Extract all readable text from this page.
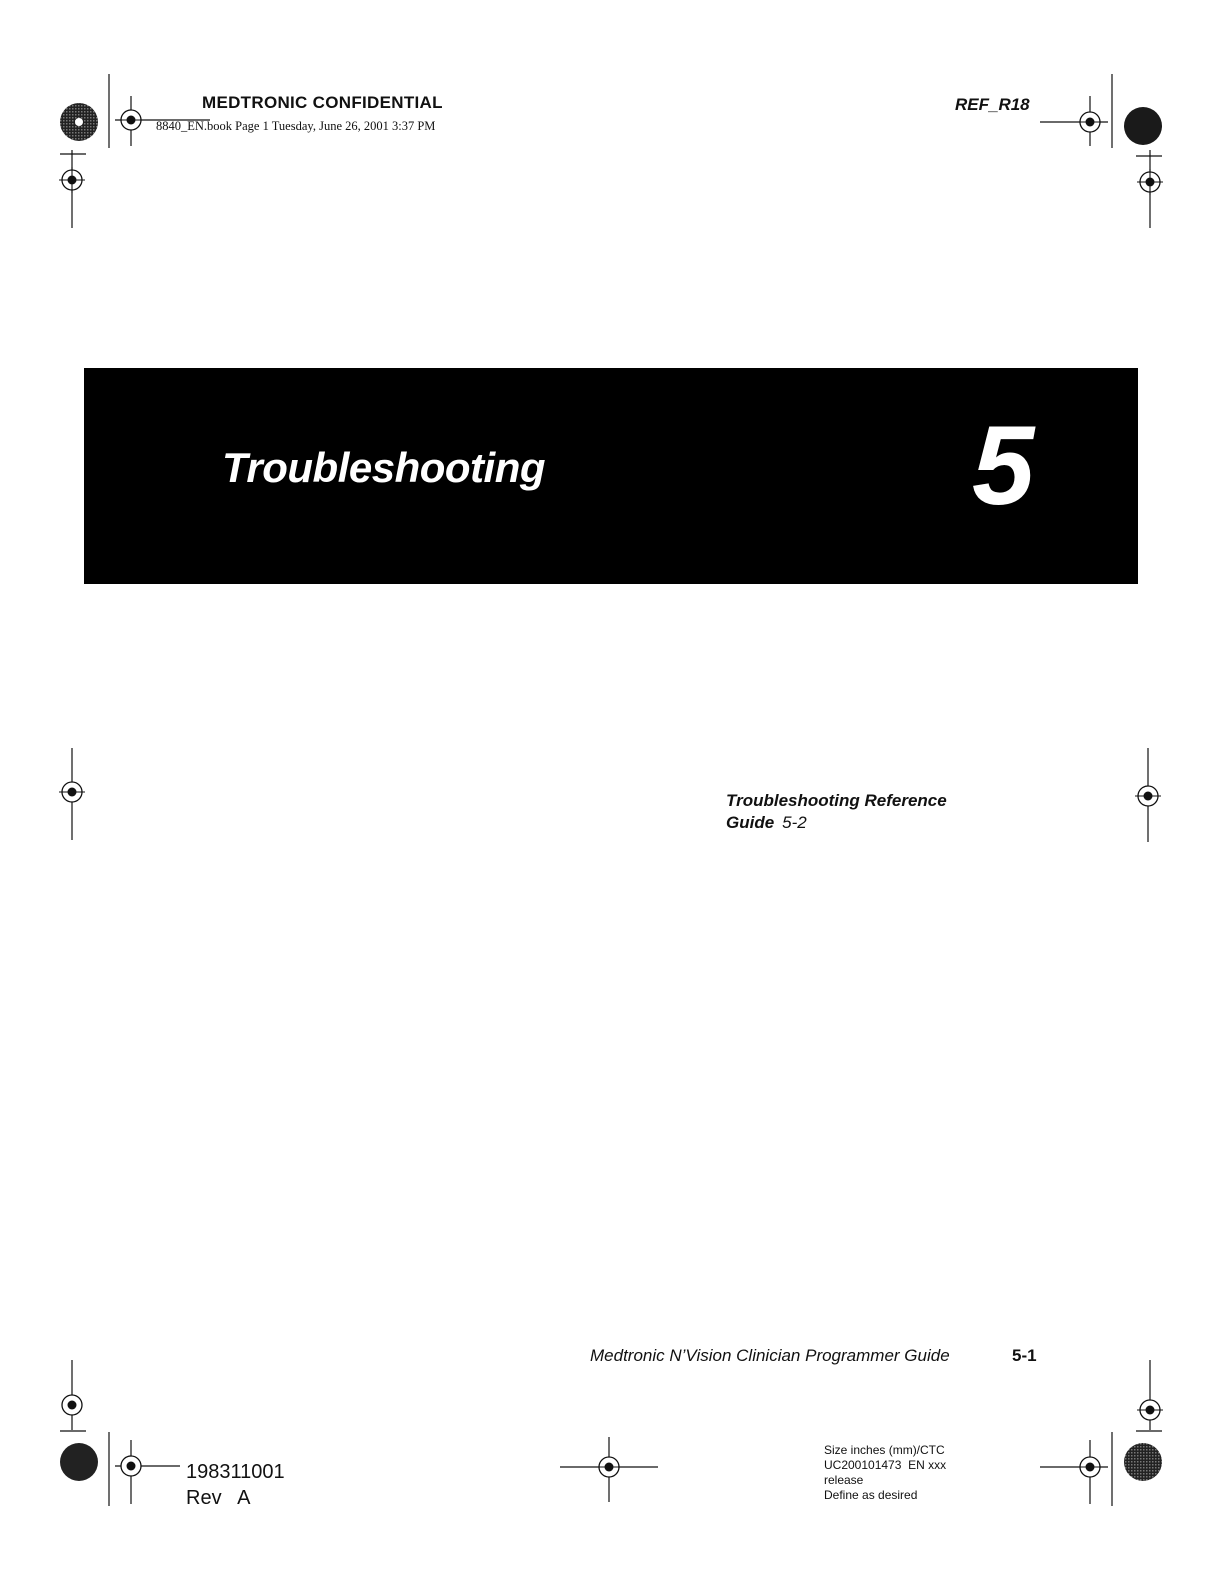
MEDTRONIC CONFIDENTIAL
8840_EN.book Page 1 Tuesday, June 26, 2001 3:37 PM
REF_R18
Troubleshooting	5
Troubleshooting Reference
Guide 5-2
Medtronic N’Vision Clinician Programmer Guide	5-1
198311001
Rev   A
Size inches (mm)/CTC
UC200101473  EN xxx
release
Define as desired
